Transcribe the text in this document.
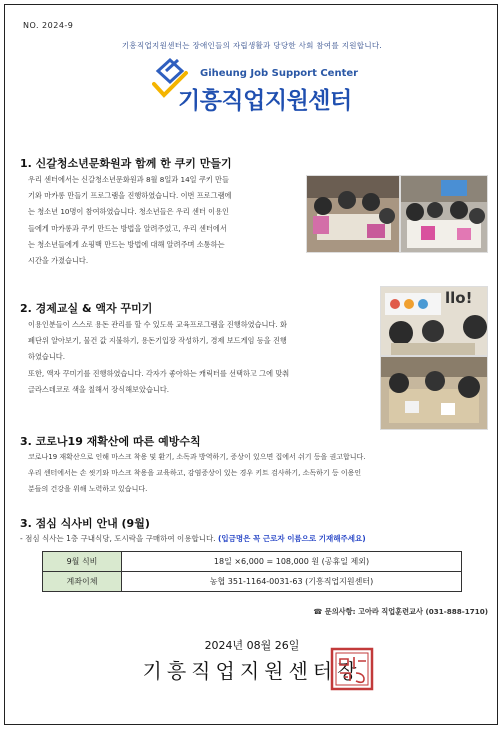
NO. 2024-9
기흥직업지원센터는 장애인들의 자립생활과 당당한 사회 참여를 지원합니다.
Giheung Job Support Center
기흥직업지원센터
1. 신갈청소년문화원과 함께 한 쿠키 만들기
우리 센터에서는 신갈청소년문화원과 8월 8일과 14일 쿠키 만들
기와 마카롱 만들기 프로그램을 진행하였습니다. 이번 프로그램에
는 청소년 10명이 참여하였습니다. 청소년들은 우리 센터 이용인
들에게 마카롱과 쿠키 만드는 방법을 알려주었고, 우리 센터에서
는 청소년들에게 쇼핑백 만드는 방법에 대해 알려주며 소통하는
시간을 가졌습니다.
2. 경제교실 & 액자 꾸미기
이용인분들이 스스로 용돈 관리를 할 수 있도록 교육프로그램을 진행하였습니다. 화
폐단위 알아보기, 물건 값 지불하기, 용돈기입장 작성하기, 경제 보드게임 등을 진행
하였습니다.
또한, 액자 꾸미기를 진행하였습니다. 각자가 좋아하는 캐릭터를 선택하고 그에 맞춰
글라스데코로 색을 칠해서 장식해보았습니다.
llo!
3. 코로나19 재확산에 따른 예방수칙
코로나19 재확산으로 인해 마스크 착용 및 환기, 소독과 방역하기, 증상이 있으면 집에서 쉬기 등을 권고합니다.
우리 센터에서는 손 씻기와 마스크 착용을 교육하고, 감염증상이 있는 경우 키트 검사하기, 소독하기 등 이용인
분들의 건강을 위해 노력하고 있습니다.
3. 점심 식사비 안내 (9월)
- 점심 식사는 1층 구내식당, 도시락을 구매하여 이용합니다. (입금명은 꼭 근로자 이름으로 기재해주세요)
9월 식비	18일 ×6,000 = 108,000 원 (공휴일 제외)
계좌이체	농협 351-1164-0031-63 (기흥직업지원센터)
☎ 문의사항: 고아라 직업훈련교사 (031-888-1710)
2024년 08월 26일
기흥직업지원센터장
